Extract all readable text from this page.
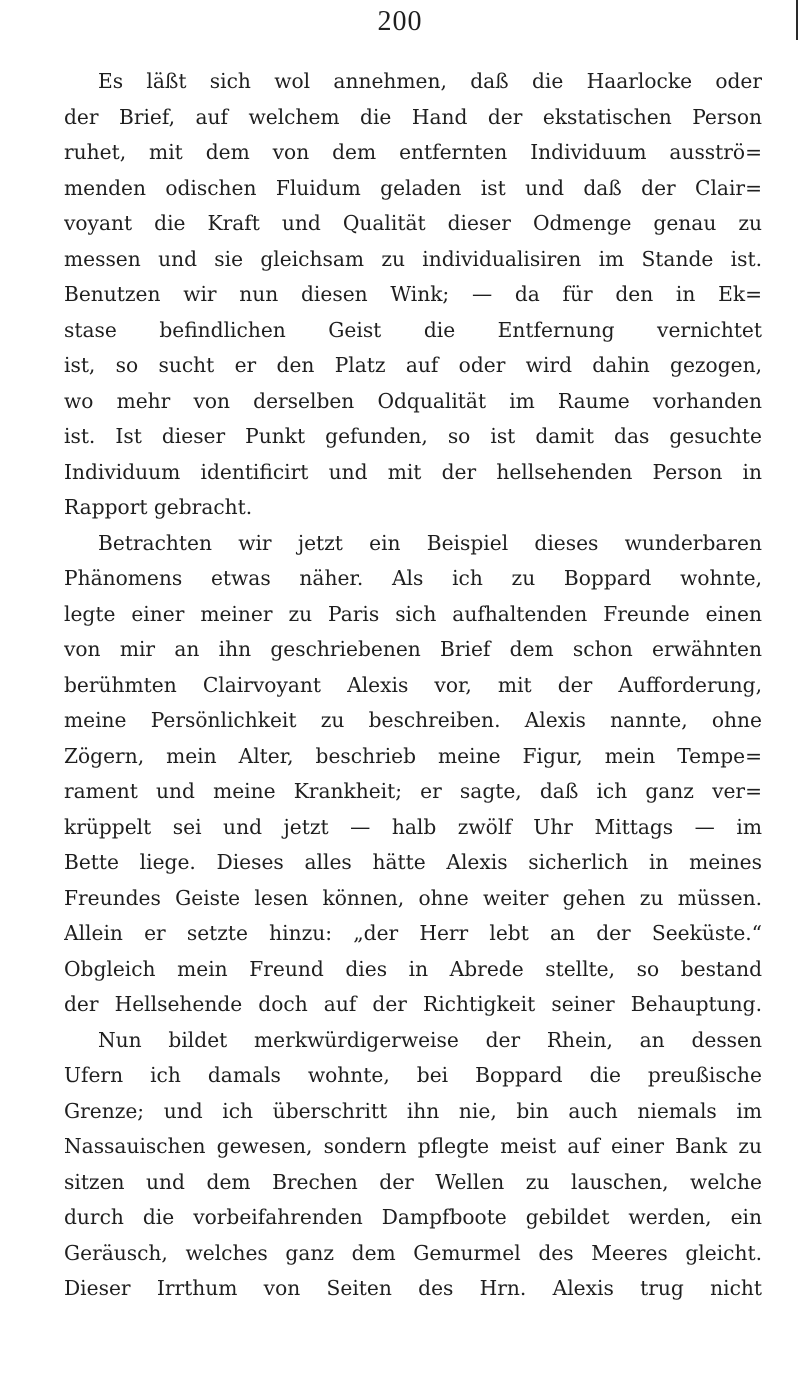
200
Es läßt sich wol annehmen, daß die Haarlocke oder
der Brief, auf welchem die Hand der ekstatischen Person
ruhet, mit dem von dem entfernten Individuum ausströ=
menden odischen Fluidum geladen ist und daß der Clair=
voyant die Kraft und Qualität dieser Odmenge genau zu
messen und sie gleichsam zu individualisiren im Stande ist.
Benutzen wir nun diesen Wink; — da für den in Ek=
stase befindlichen Geist die Entfernung vernichtet
ist, so sucht er den Platz auf oder wird dahin gezogen,
wo mehr von derselben Odqualität im Raume vorhanden
ist. Ist dieser Punkt gefunden, so ist damit das gesuchte
Individuum identificirt und mit der hellsehenden Person in
Rapport gebracht.
Betrachten wir jetzt ein Beispiel dieses wunderbaren
Phänomens etwas näher. Als ich zu Boppard wohnte,
legte einer meiner zu Paris sich aufhaltenden Freunde einen
von mir an ihn geschriebenen Brief dem schon erwähnten
berühmten Clairvoyant Alexis vor, mit der Aufforderung,
meine Persönlichkeit zu beschreiben. Alexis nannte, ohne
Zögern, mein Alter, beschrieb meine Figur, mein Tempe=
rament und meine Krankheit; er sagte, daß ich ganz ver=
krüppelt sei und jetzt — halb zwölf Uhr Mittags — im
Bette liege. Dieses alles hätte Alexis sicherlich in meines
Freundes Geiste lesen können, ohne weiter gehen zu müssen.
Allein er setzte hinzu: „der Herr lebt an der Seeküste.“
Obgleich mein Freund dies in Abrede stellte, so bestand
der Hellsehende doch auf der Richtigkeit seiner Behauptung.
Nun bildet merkwürdigerweise der Rhein, an dessen
Ufern ich damals wohnte, bei Boppard die preußische
Grenze; und ich überschritt ihn nie, bin auch niemals im
Nassauischen gewesen, sondern pflegte meist auf einer Bank zu
sitzen und dem Brechen der Wellen zu lauschen, welche
durch die vorbeifahrenden Dampfboote gebildet werden, ein
Geräusch, welches ganz dem Gemurmel des Meeres gleicht.
Dieser Irrthum von Seiten des Hrn. Alexis trug nicht
